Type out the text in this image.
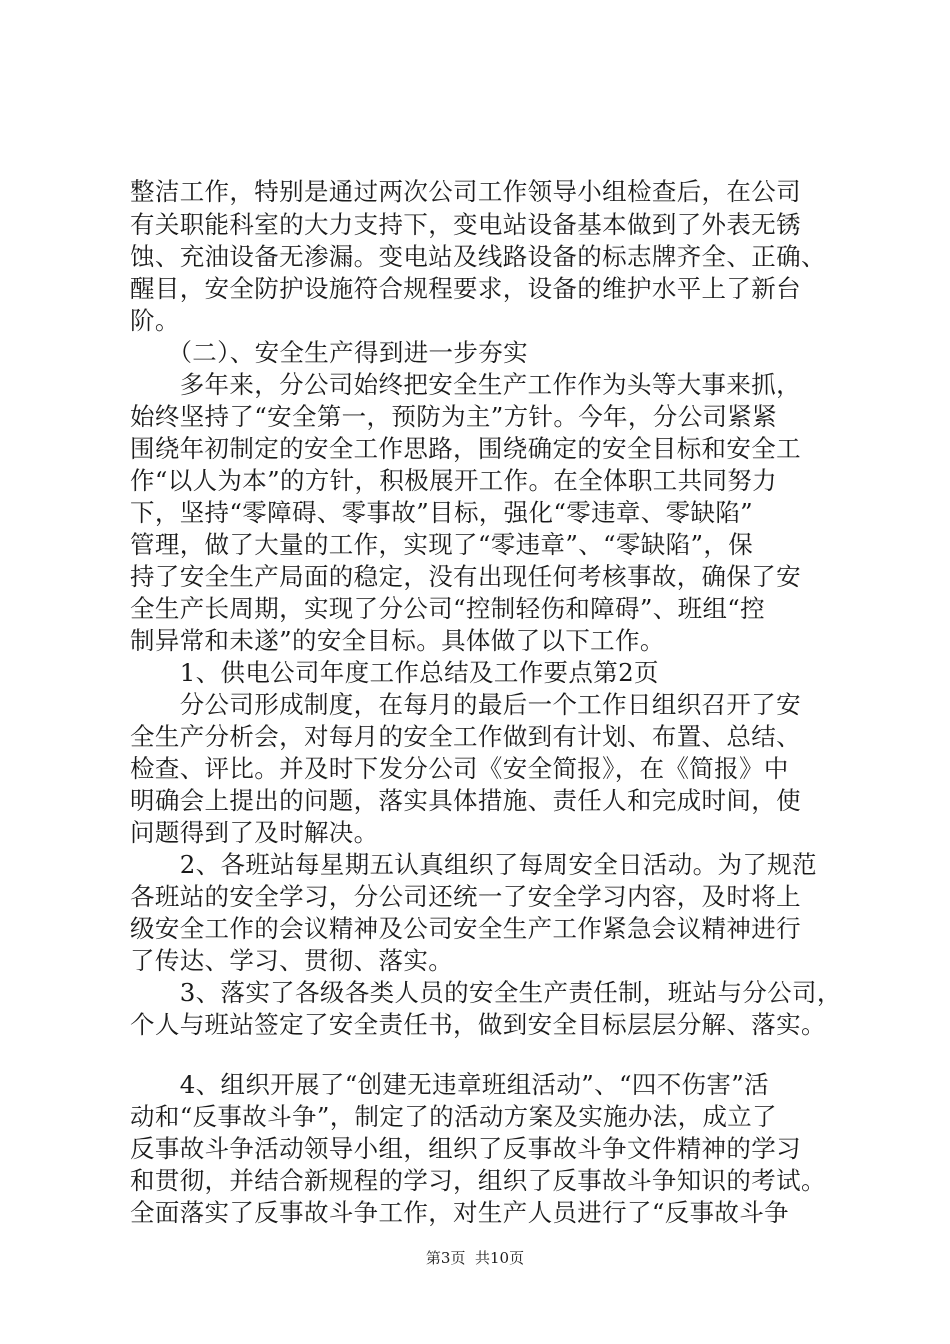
整洁工作，特别是通过两次公司工作领导小组检查后，在公司
有关职能科室的大力支持下，变电站设备基本做到了外表无锈
蚀、充油设备无渗漏。变电站及线路设备的标志牌齐全、正确、
醒目，安全防护设施符合规程要求，设备的维护水平上了新台
阶。
　　（二）、安全生产得到进一步夯实
　　多年来，分公司始终把安全生产工作作为头等大事来抓，
始终坚持了“安全第一，预防为主”方针。今年，分公司紧紧
围绕年初制定的安全工作思路，围绕确定的安全目标和安全工
作“以人为本”的方针，积极展开工作。在全体职工共同努力
下，坚持“零障碍、零事故”目标，强化“零违章、零缺陷”
管理，做了大量的工作，实现了“零违章”、“零缺陷”，保
持了安全生产局面的稳定，没有出现任何考核事故，确保了安
全生产长周期，实现了分公司“控制轻伤和障碍”、班组“控
制异常和未遂”的安全目标。具体做了以下工作。
　　1、供电公司年度工作总结及工作要点第2页
　　分公司形成制度，在每月的最后一个工作日组织召开了安
全生产分析会，对每月的安全工作做到有计划、布置、总结、
检查、评比。并及时下发分公司《安全简报》，在《简报》中
明确会上提出的问题，落实具体措施、责任人和完成时间，使
问题得到了及时解决。
　　2、各班站每星期五认真组织了每周安全日活动。为了规范
各班站的安全学习，分公司还统一了安全学习内容，及时将上
级安全工作的会议精神及公司安全生产工作紧急会议精神进行
了传达、学习、贯彻、落实。
　　3、落实了各级各类人员的安全生产责任制，班站与分公司，
个人与班站签定了安全责任书，做到安全目标层层分解、落实。
　　4、组织开展了“创建无违章班组活动”、“四不伤害”活
动和“反事故斗争”，制定了的活动方案及实施办法，成立了
反事故斗争活动领导小组，组织了反事故斗争文件精神的学习
和贯彻，并结合新规程的学习，组织了反事故斗争知识的考试。
全面落实了反事故斗争工作，对生产人员进行了“反事故斗争
第3页  共10页
